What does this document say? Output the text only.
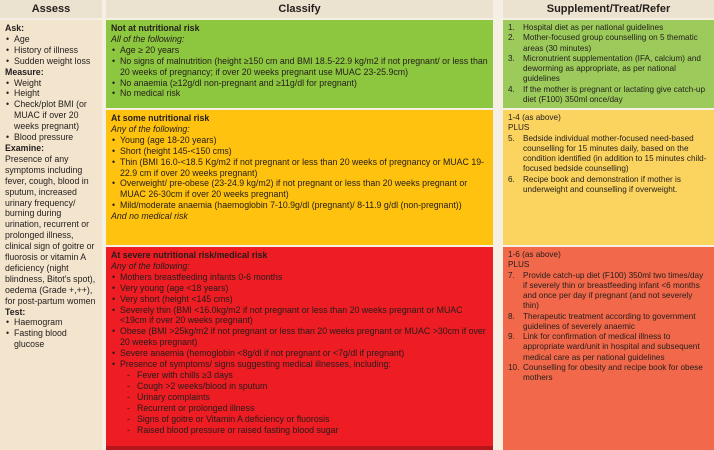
Assess	Classify	Supplement/Treat/Refer
Ask:
• Age
• History of illness
• Sudden weight loss
Measure:
• Weight
• Height
• Check/plot BMI (or MUAC if over 20 weeks pregnant)
• Blood pressure
Examine:
Presence of any symptoms including fever, cough, blood in sputum, increased urinary frequency/ burning during urination, recurrent or prolonged illness, clinical sign of goitre or fluorosis or vitamin A deficiency (night blindness, Bitot's spot), oedema (Grade +,++), for post-partum women
Test:
• Haemogram
• Fasting blood glucose
Not at nutritional risk
All of the following:
• Age ≥ 20 years
• No signs of malnutrition (height ≥150 cm and BMI 18.5-22.9 kg/m2 if not pregnant/ or less than 20 weeks of pregnancy; if over 20 weeks pregnant use MUAC 23-25.9cm)
• No anaemia (≥12g/dl non-pregnant and ≥11g/dl for pregnant)
• No medical risk
At some nutritional risk
Any of the following:
• Young (age 18-20 years)
• Short (height 145-<150 cms)
• Thin (BMI 16.0-<18.5 Kg/m2 if not pregnant or less than 20 weeks of pregnancy or MUAC 19-22.9 cm if over 20 weeks pregnant)
• Overweight/ pre-obese (23-24.9 kg/m2) if not pregnant or less than 20 weeks pregnant or MUAC 26-30cm if over 20 weeks pregnant)
• Mild/moderate anaemia (haemoglobin 7-10.9g/dl (pregnant)/ 8-11.9 g/dl (non-pregnant))
And no medical risk
At severe nutritional risk/medical risk
Any of the following:
• Mothers breastfeeding infants 0-6 months
• Very young (age <18 years)
• Very short (height <145 cms)
• Severely thin (BMI <16.0kg/m2 if not pregnant or less than 20 weeks pregnant or MUAC <19cm if over 20 weeks pregnant)
• Obese (BMI >25kg/m2 if not pregnant or less than 20 weeks pregnant or MUAC >30cm if over 20 weeks pregnant)
• Severe anaemia (hemoglobin <8g/dl if not pregnant or <7g/dl if pregnant)
• Presence of symptoms/ signs suggesting medical illnesses, including:
- Fever with chills ≥3 days
- Cough >2 weeks/blood in sputum
- Urinary complaints
- Recurrent or prolonged illness
- Signs of goitre or Vitamin A deficiency or fluorosis
- Raised blood pressure or raised fasting blood sugar
1. Hospital diet as per national guidelines
2. Mother-focused group counselling on 5 thematic areas (30 minutes)
3. Micronutrient supplementation (IFA, calcium) and deworming as appropriate, as per national guidelines
4. If the mother is pregnant or lactating give catch-up diet (F100) 350ml once/day
1-4 (as above)
PLUS
5. Bedside individual mother-focused need-based counselling for 15 minutes daily, based on the condition identified (in addition to 15 minutes child-focused bedside counselling)
6. Recipe book and demonstration if mother is underweight and counselling if overweight.
1-6 (as above)
PLUS
7. Provide catch-up diet (F100) 350ml two times/day if severely thin or breastfeeding infant <6 months and once per day if pregnant (and not severely thin)
8. Therapeutic treatment according to government guidelines of severely anaemic
9. Link for confirmation of medical illness to appropriate ward/unit in hospital and subsequent medical care as per national guidelines
10. Counselling for obesity and recipe book for obese mothers
